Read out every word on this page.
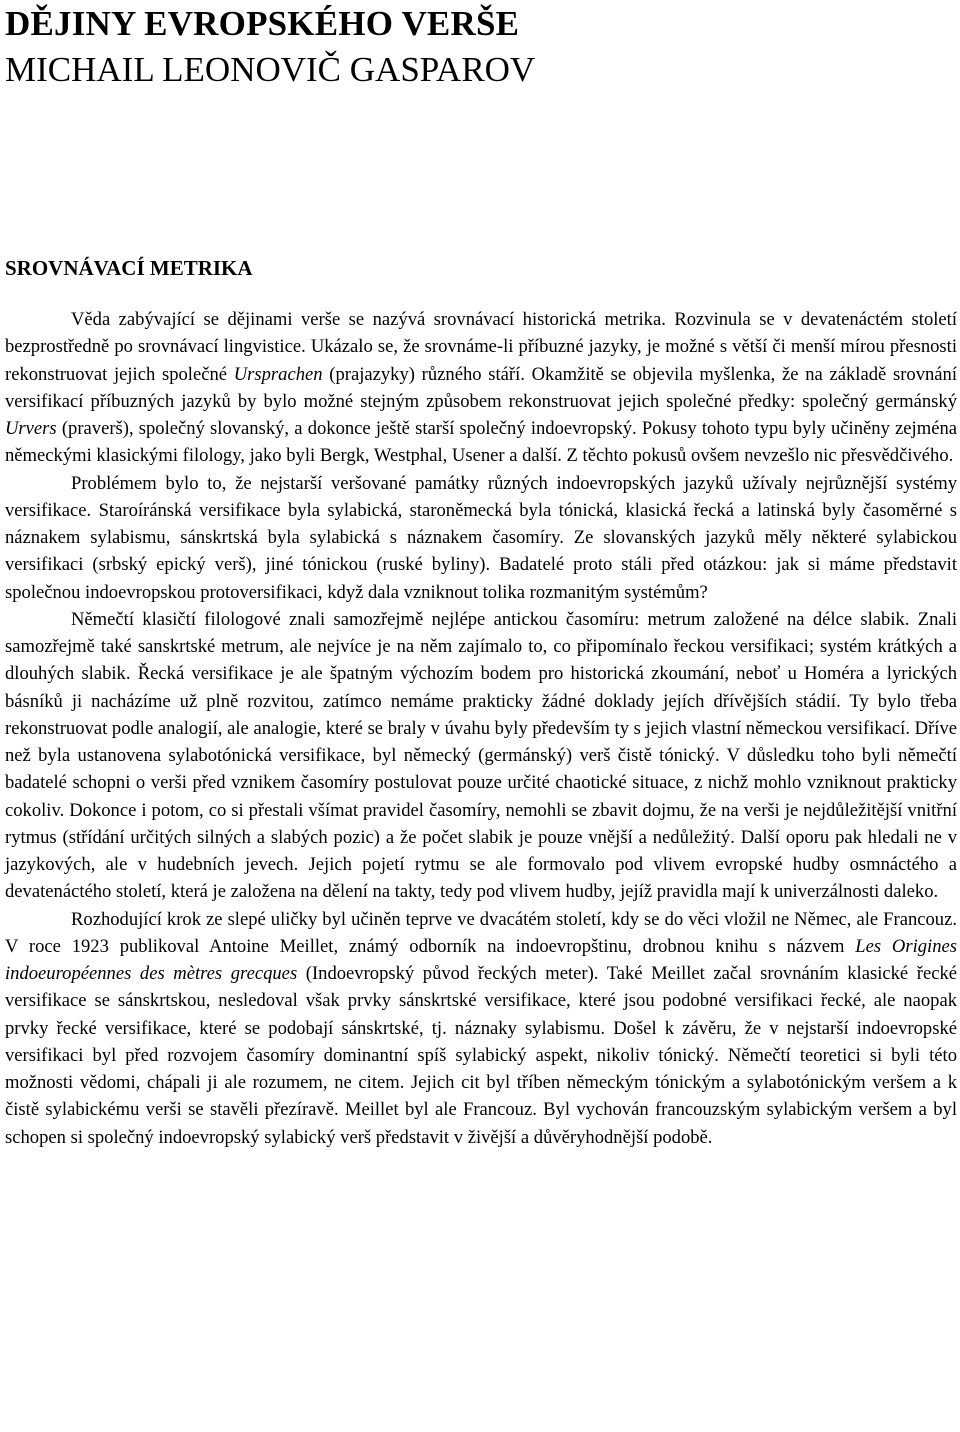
DĚJINY EVROPSKÉHO VERŠE
MICHAIL LEONOVIČ GASPAROV
SROVNÁVACÍ METRIKA

Věda zabývající se dějinami verše se nazývá srovnávací historická metrika. Rozvinula se v devatenáctém století bezprostředně po srovnávací lingvistice. Ukázalo se, že srovnáme-li příbuzné jazyky, je možné s větší či menší mírou přesnosti rekonstruovat jejich společné Ursprachen (prajazyky) různého stáří. Okamžitě se objevila myšlenka, že na základě srovnání versifikací příbuzných jazyků by bylo možné stejným způsobem rekonstruovat jejich společné předky: společný germánský Urvers (praverš), společný slovanský, a dokonce ještě starší společný indoevropský. Pokusy tohoto typu byly učiněny zejména německými klasickými filology, jako byli Bergk, Westphal, Usener a další. Z těchto pokusů ovšem nevzešlo nic přesvědčivého.

Problémem bylo to, že nejstarší veršované památky různých indoevropských jazyků užívaly nejrůznější systémy versifikace. Staroíránská versifikace byla sylabická, staroněmecká byla tónická, klasická řecká a latinská byly časoměrné s náznakem sylabismu, sánskrtská byla sylabická s náznakem časomíry. Ze slovanských jazyků měly některé sylabickou versifikaci (srbský epický verš), jiné tónickou (ruské byliny). Badatelé proto stáli před otázkou: jak si máme představit společnou indoevropskou protoversifikaci, když dala vzniknout tolika rozmanitým systémům?

Němečtí klasičtí filologové znali samozřejmě nejlépe antickou časomíru: metrum založené na délce slabik. Znali samozřejmě také sanskrtské metrum, ale nejvíce je na něm zajímalo to, co připomínalo řeckou versifikaci; systém krátkých a dlouhých slabik. Řecká versifikace je ale špatným výchozím bodem pro historická zkoumání, neboť u Homéra a lyrických básníků ji nacházíme už plně rozvitou, zatímco nemáme prakticky žádné doklady jejích dřívějších stádií. Ty bylo třeba rekonstruovat podle analogií, ale analogie, které se braly v úvahu byly především ty s jejich vlastní německou versifikací. Dříve než byla ustanovena sylabotónická versifikace, byl německý (germánský) verš čistě tónický. V důsledku toho byli němečtí badatelé schopni o verši před vznikem časomíry postulovat pouze určité chaotické situace, z nichž mohlo vzniknout prakticky cokoliv. Dokonce i potom, co si přestali všímat pravidel časomíry, nemohli se zbavit dojmu, že na verši je nejdůležitější vnitřní rytmus (střídání určitých silných a slabých pozic) a že počet slabik je pouze vnější a nedůležitý. Další oporu pak hledali ne v jazykových, ale v hudebních jevech. Jejich pojetí rytmu se ale formovalo pod vlivem evropské hudby osmnáctého a devatenáctého století, která je založena na dělení na takty, tedy pod vlivem hudby, jejíž pravidla mají k univerzálnosti daleko.

Rozhodující krok ze slepé uličky byl učiněn teprve ve dvacátém století, kdy se do věci vložil ne Němec, ale Francouz. V roce 1923 publikoval Antoine Meillet, známý odborník na indoevropštinu, drobnou knihu s názvem Les Origines indoeuropéennes des mètres grecques (Indoevropský původ řeckých meter). Také Meillet začal srovnáním klasické řecké versifikace se sánskrtskou, nesledoval však prvky sánskrtské versifikace, které jsou podobné versifikaci řecké, ale naopak prvky řecké versifikace, které se podobají sánskrtské, tj. náznaky sylabismu. Došel k závěru, že v nejstarší indoevropské versifikaci byl před rozvojem časomíry dominantní spíš sylabický aspekt, nikoliv tónický. Němečtí teoretici si byli této možnosti vědomi, chápali ji ale rozumem, ne citem. Jejich cit byl tříben německým tónickým a sylabotónickým veršem a k čistě sylabickému verši se stavěli přezíravě. Meillet byl ale Francouz. Byl vychován francouzským sylabickým veršem a byl schopen si společný indoevropský sylabický verš představit v živější a důvěryhodnější podobě.
